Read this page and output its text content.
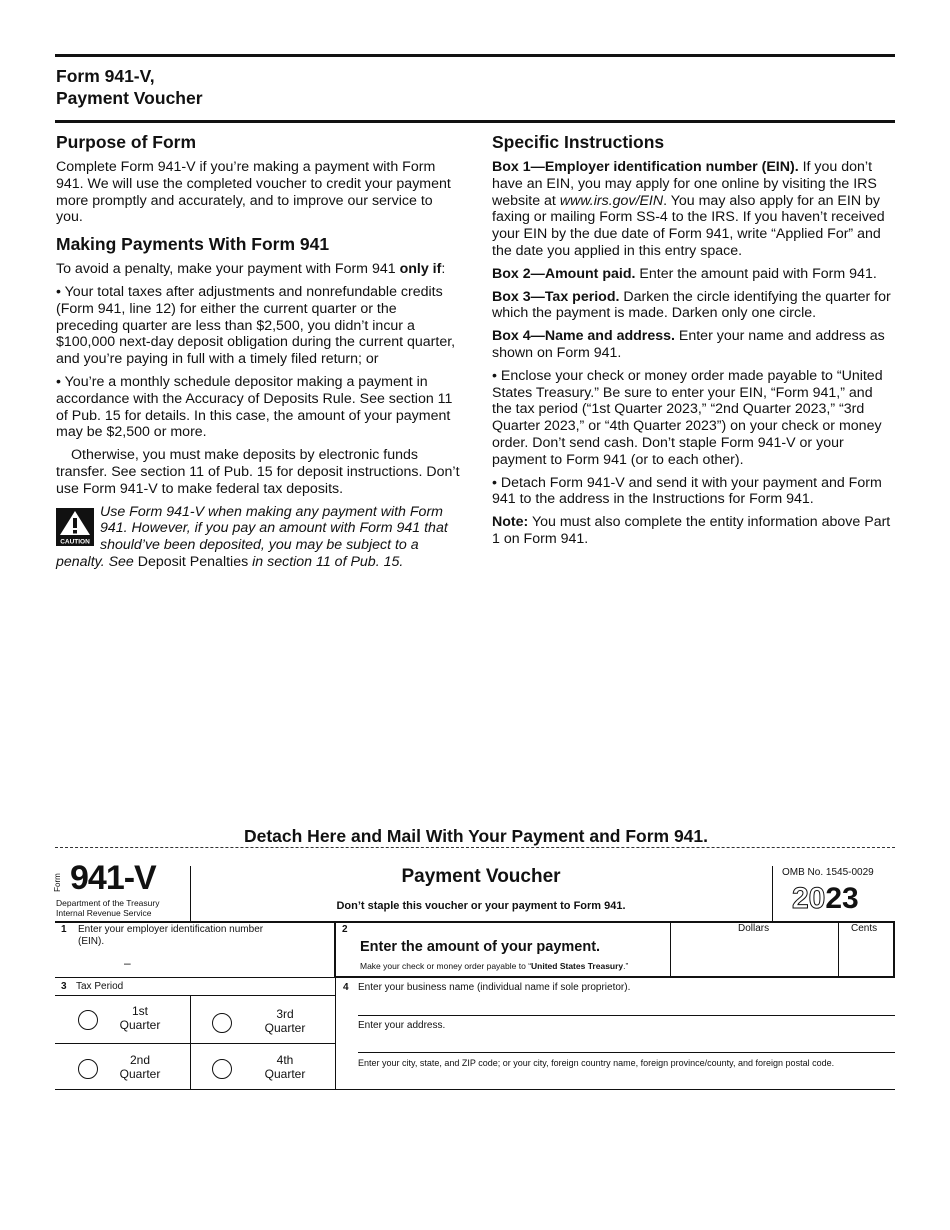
Form 941-V,
Payment Voucher
Purpose of Form

Complete Form 941-V if you’re making a payment with Form 941. We will use the completed voucher to credit your payment more promptly and accurately, and to improve our service to you.

Making Payments With Form 941

To avoid a penalty, make your payment with Form 941 only if:

• Your total taxes after adjustments and nonrefundable credits (Form 941, line 12) for either the current quarter or the preceding quarter are less than $2,500, you didn’t incur a $100,000 next-day deposit obligation during the current quarter, and you’re paying in full with a timely filed return; or

• You’re a monthly schedule depositor making a payment in accordance with the Accuracy of Deposits Rule. See section 11 of Pub. 15 for details. In this case, the amount of your payment may be $2,500 or more.

Otherwise, you must make deposits by electronic funds transfer. See section 11 of Pub. 15 for deposit instructions. Don’t use Form 941-V to make federal tax deposits.

CAUTION

Use Form 941-V when making any payment with Form 941. However, if you pay an amount with Form 941 that should’ve been deposited, you may be subject to a penalty. See Deposit Penalties in section 11 of Pub. 15.

Specific Instructions

Box 1—Employer identification number (EIN). If you don’t have an EIN, you may apply for one online by visiting the IRS website at www.irs.gov/EIN. You may also apply for an EIN by faxing or mailing Form SS-4 to the IRS. If you haven’t received your EIN by the due date of Form 941, write “Applied For” and the date you applied in this entry space.

Box 2—Amount paid. Enter the amount paid with Form 941.

Box 3—Tax period. Darken the circle identifying the quarter for which the payment is made. Darken only one circle.

Box 4—Name and address. Enter your name and address as shown on Form 941.

• Enclose your check or money order made payable to “United States Treasury.” Be sure to enter your EIN, “Form 941,” and the tax period (“1st Quarter 2023,” “2nd Quarter 2023,” “3rd Quarter 2023,” or “4th Quarter 2023”) on your check or money order. Don’t send cash. Don’t staple Form 941-V or your payment to Form 941 (or to each other).

• Detach Form 941-V and send it with your payment and Form 941 to the address in the Instructions for Form 941.

Note: You must also complete the entity information above Part 1 on Form 941.

Detach Here and Mail With Your Payment and Form 941.
Form 941-V
Department of the Treasury
Internal Revenue Service
Payment Voucher
Don’t staple this voucher or your payment to Form 941.
OMB No. 1545-0029
2023
1 Enter your employer identification number (EIN).
–
2
Enter the amount of your payment.
Make your check or money order payable to “United States Treasury.”
Dollars	Cents
3 Tax Period
1st
Quarter
3rd
Quarter
2nd
Quarter
4th
Quarter
4 Enter your business name (individual name if sole proprietor).
Enter your address.
Enter your city, state, and ZIP code; or your city, foreign country name, foreign province/county, and foreign postal code.
